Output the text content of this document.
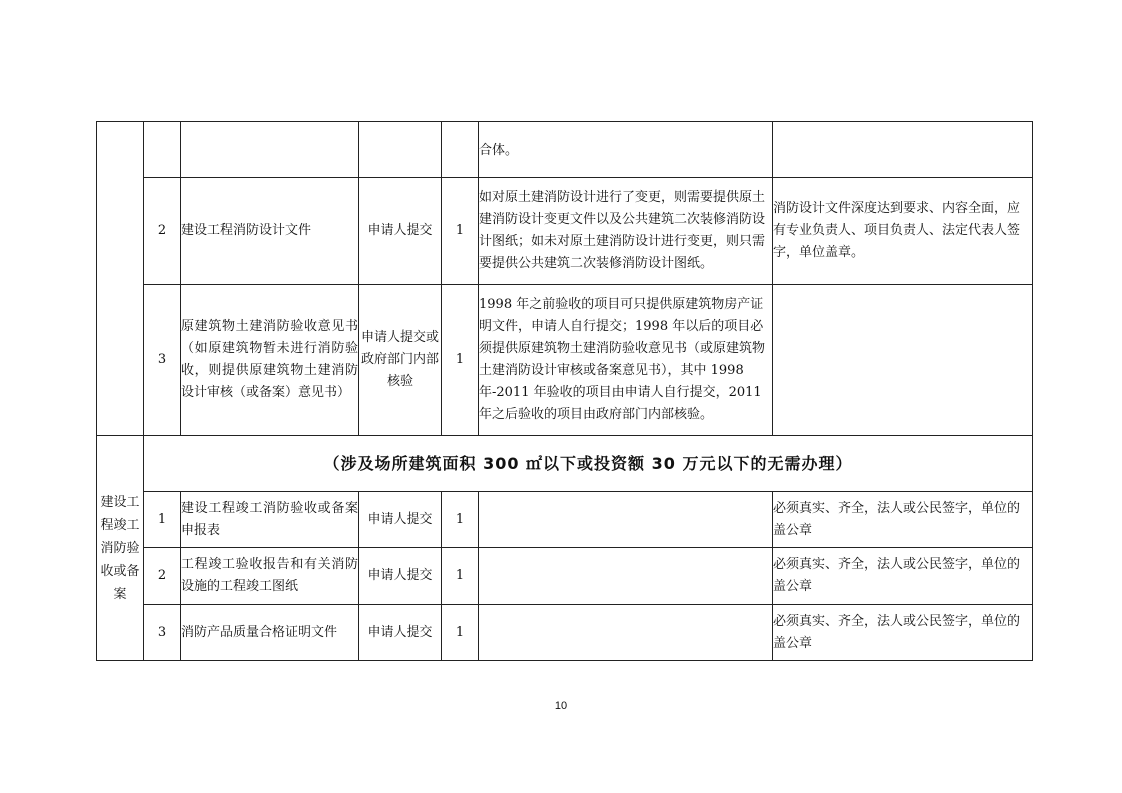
					合体。	
	2	建设工程消防设计文件	申请人提交	1	如对原土建消防设计进行了变更，则需要提供原土建消防设计变更文件以及公共建筑二次装修消防设计图纸；如未对原土建消防设计进行变更，则只需要提供公共建筑二次装修消防设计图纸。	消防设计文件深度达到要求、内容全面，应有专业负责人、项目负责人、法定代表人签字，单位盖章。
	3	原建筑物土建消防验收意见书（如原建筑物暂未进行消防验收，则提供原建筑物土建消防设计审核（或备案）意见书）	申请人提交或政府部门内部核验	1	1998 年之前验收的项目可只提供原建筑物房产证明文件，申请人自行提交；1998 年以后的项目必须提供原建筑物土建消防验收意见书（或原建筑物土建消防设计审核或备案意见书），其中 1998 年-2011 年验收的项目由申请人自行提交，2011 年之后验收的项目由政府部门内部核验。	
建设工程竣工消防验收或备案	（涉及场所建筑面积 300 ㎡以下或投资额 30 万元以下的无需办理）					
	1	建设工程竣工消防验收或备案申报表	申请人提交	1		必须真实、齐全，法人或公民签字，单位的盖公章
	2	工程竣工验收报告和有关消防设施的工程竣工图纸	申请人提交	1		必须真实、齐全，法人或公民签字，单位的盖公章
	3	消防产品质量合格证明文件	申请人提交	1		必须真实、齐全，法人或公民签字，单位的盖公章
10
